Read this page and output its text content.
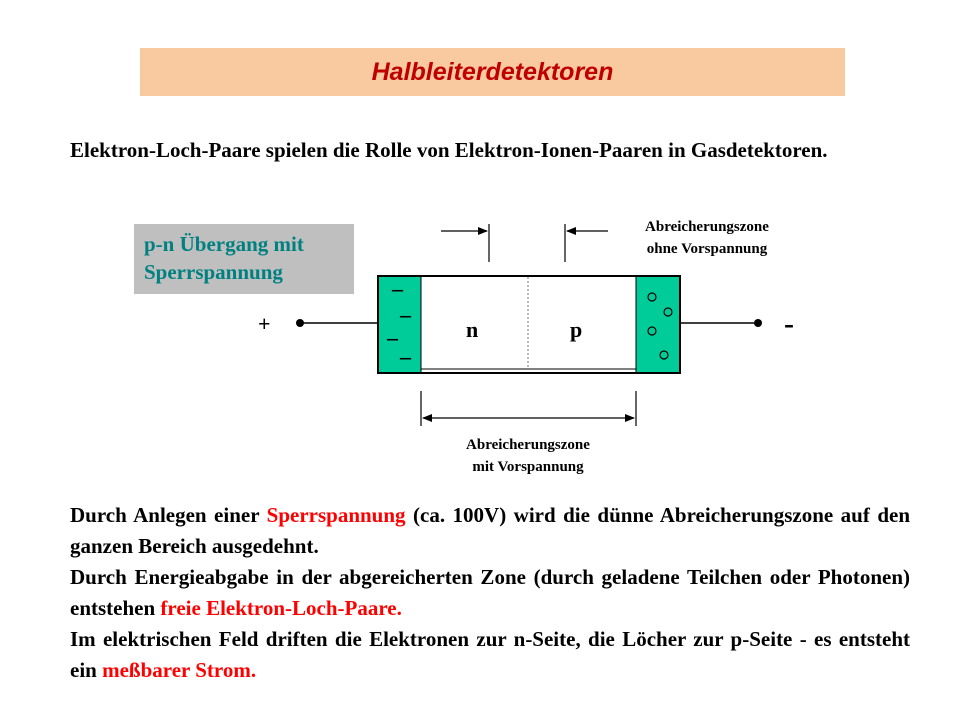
Halbleiterdetektoren
Elektron-Loch-Paare spielen die Rolle von Elektron-Ionen-Paaren in Gasdetektoren.
p-n Übergang mit
Sperrspannung
+	-
–
–
–
–
n	p
Abreicherungszone
ohne Vorspannung
Abreicherungszone
mit Vorspannung

Durch Anlegen einer Sperrspannung (ca. 100V) wird die dünne Abreicherungszone auf den ganzen Bereich ausgedehnt.

Durch Energieabgabe in der abgereicherten Zone (durch geladene Teilchen oder Photonen) entstehen freie Elektron-Loch-Paare.

Im elektrischen Feld driften die Elektronen zur n-Seite, die Löcher zur p-Seite - es entsteht ein meßbarer Strom.
